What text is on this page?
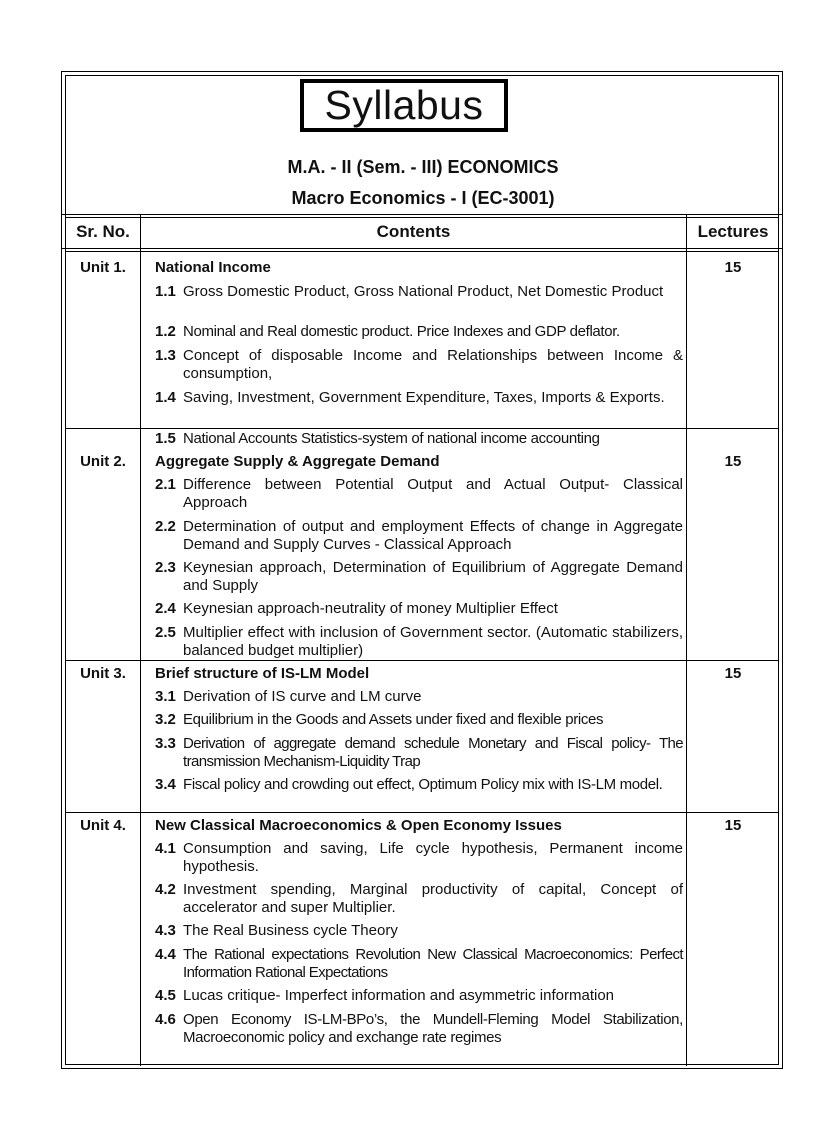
Syllabus
M.A. - II (Sem. - III) ECONOMICS
Macro Economics - I (EC-3001)
Sr. No.	Contents	Lectures
Unit 1.	National Income	15
1.1 Gross Domestic Product, Gross National Product, Net Domestic Product
1.2 Nominal and Real domestic product. Price Indexes and GDP deflator.
1.3 Concept of disposable Income and Relationships between Income & consumption,
1.4 Saving, Investment, Government Expenditure, Taxes, Imports & Exports.
1.5 National Accounts Statistics-system of national income accounting
Unit 2.	Aggregate Supply & Aggregate Demand	15
2.1 Difference between Potential Output and Actual Output- Classical Approach
2.2 Determination of output and employment Effects of change in Aggregate Demand and Supply Curves - Classical Approach
2.3 Keynesian approach, Determination of Equilibrium of Aggregate Demand and Supply
2.4 Keynesian approach-neutrality of money Multiplier Effect
2.5 Multiplier effect with inclusion of Government sector. (Automatic stabilizers, balanced budget multiplier)
Unit 3.	Brief structure of IS-LM Model	15
3.1 Derivation of IS curve and LM curve
3.2 Equilibrium in the Goods and Assets under fixed and flexible prices
3.3 Derivation of aggregate demand schedule Monetary and Fiscal policy- The transmission Mechanism-Liquidity Trap
3.4 Fiscal policy and crowding out effect, Optimum Policy mix with IS-LM model.
Unit 4.	New Classical Macroeconomics & Open Economy Issues	15
4.1 Consumption and saving, Life cycle hypothesis, Permanent income hypothesis.
4.2 Investment spending, Marginal productivity of capital, Concept of accelerator and super Multiplier.
4.3 The Real Business cycle Theory
4.4 The Rational expectations Revolution New Classical Macroeconomics: Perfect Information Rational Expectations
4.5 Lucas critique- Imperfect information and asymmetric information
4.6 Open Economy IS-LM-BPo’s, the Mundell-Fleming Model Stabilization, Macroeconomic policy and exchange rate regimes
